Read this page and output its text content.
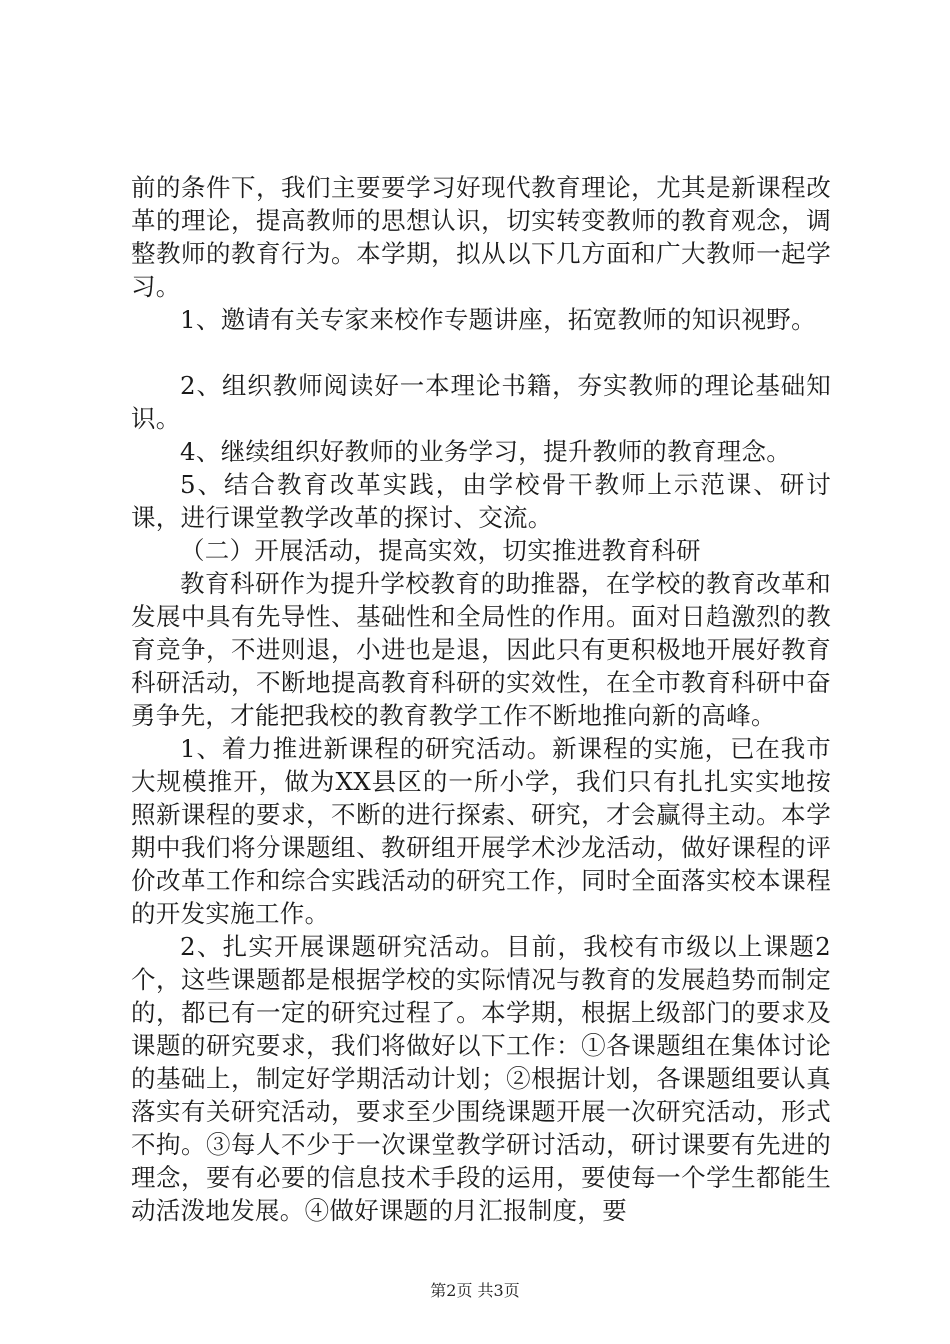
前的条件下，我们主要要学习好现代教育理论，尤其是新课程改革的理论，提高教师的思想认识，切实转变教师的教育观念，调整教师的教育行为。本学期，拟从以下几方面和广大教师一起学习。

1、邀请有关专家来校作专题讲座，拓宽教师的知识视野。

2、组织教师阅读好一本理论书籍，夯实教师的理论基础知识。

4、继续组织好教师的业务学习，提升教师的教育理念。

5、结合教育改革实践，由学校骨干教师上示范课、研讨课，进行课堂教学改革的探讨、交流。

（二）开展活动，提高实效，切实推进教育科研

教育科研作为提升学校教育的助推器，在学校的教育改革和发展中具有先导性、基础性和全局性的作用。面对日趋激烈的教育竞争，不进则退，小进也是退，因此只有更积极地开展好教育科研活动，不断地提高教育科研的实效性，在全市教育科研中奋勇争先，才能把我校的教育教学工作不断地推向新的高峰。

1、着力推进新课程的研究活动。新课程的实施，已在我市大规模推开，做为XX县区的一所小学，我们只有扎扎实实地按照新课程的要求，不断的进行探索、研究，才会赢得主动。本学期中我们将分课题组、教研组开展学术沙龙活动，做好课程的评价改革工作和综合实践活动的研究工作，同时全面落实校本课程的开发实施工作。

2、扎实开展课题研究活动。目前，我校有市级以上课题2个，这些课题都是根据学校的实际情况与教育的发展趋势而制定的，都已有一定的研究过程了。本学期，根据上级部门的要求及课题的研究要求，我们将做好以下工作：①各课题组在集体讨论的基础上，制定好学期活动计划；②根据计划，各课题组要认真落实有关研究活动，要求至少围绕课题开展一次研究活动，形式不拘。③每人不少于一次课堂教学研讨活动，研讨课要有先进的理念，要有必要的信息技术手段的运用，要使每一个学生都能生动活泼地发展。④做好课题的月汇报制度，要

第2页 共3页
